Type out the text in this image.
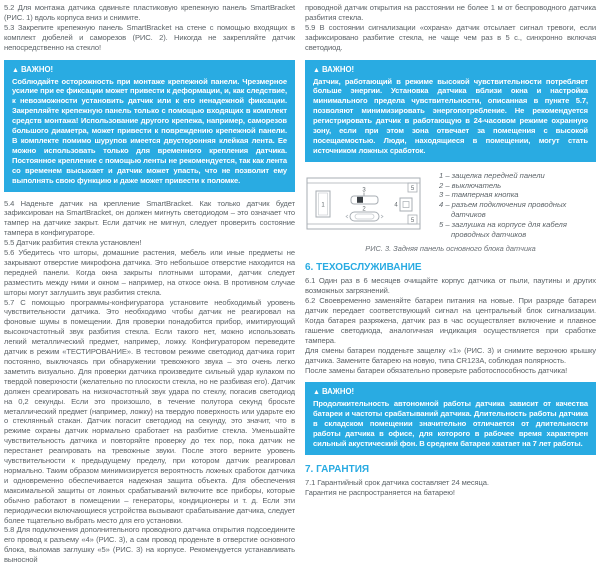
5.2 Для монтажа датчика сдвиньте пластиковую крепежную панель SmartBracket (РИС. 1) вдоль корпуса вниз и снимите.

5.3 Закрепите крепежную панель SmartBracket на стене с помощью входящих в комплект дюбелей и саморезов (РИС. 2). Никогда не закрепляйте датчик непосредственно на стекло!

▲ ВАЖНО!
Соблюдайте осторожность при монтаже крепежной панели. Чрезмерное усилие при ее фиксации может привести к деформации, и, как следствие, к невозможности установить датчик или к его ненадежной фиксации. Закрепляйте крепежную панель только с помощью входящих в комплект средств монтажа! Использование другого крепежа, например, саморезов большого диаметра, может привести к повреждению крепежной панели. В комплекте помимо шурупов имеется двусторонняя клейкая лента. Ее можно использовать только для временного крепления датчика. Постоянное крепление с помощью ленты не рекомендуется, так как лента со временем высыхает и датчик может упасть, что не позволит ему выполнять свою функцию и даже может привести к поломке.

5.4 Наденьте датчик на крепление SmartBracket. Как только датчик будет зафиксирован на SmartBracket, он должен мигнуть светодиодом – это означает что тампер на датчике закрыт. Если датчик не мигнул, следует проверить состояние тампера в конфигураторе.

5.5 Датчик разбития стекла установлен!

5.6 Убедитесь что шторы, домашние растения, мебель или иные предметы не закрывают отверстие микрофона датчика. Это небольшое отверстие находится на передней панели. Когда окна закрыты плотными шторами, датчик следует разместить между ними и окном – например, на откосе окна. В противном случае шторы могут заглушить звук разбития стекла.

5.7 С помощью программы-конфигуратора установите необходимый уровень чувствительности датчика. Это необходимо чтобы датчик не реагировал на фоновые шумы в помещении. Для проверки понадобится прибор, имитирующий высокочастотный звук разбития стекла. Если такого нет, можно использовать легкий металлический предмет, например, ложку. Конфигуратором переведите датчик в режим «ТЕСТИРОВАНИЕ». В тестовом режиме светодиод датчика горит постоянно, выключаясь при обнаружении тревожного звука – это очень легко заметить визуально. Для проверки датчика произведите сильный удар кулаком по твердой поверхности (желательно по плоскости стекла, но не разбивая его). Датчик должен среагировать на низкочастотный звук удара по стеклу, погасив светодиод на 0,2 секунды. Если это произошло, в течение полутора секунд бросьте металлический предмет (например, ложку) на твердую поверхность или ударьте ею о стеклянный стакан. Датчик погасит светодиод на секунду, это значит, что в режиме охраны датчик нормально сработает на разбитие стекла. Уменьшайте чувствительность датчика и повторяйте проверку до тех пор, пока датчик не перестанет реагировать на тревожные звуки. После этого верните уровень чувствительности к предыдущему пределу, при котором датчик реагировал нормально. Таким образом минимизируется вероятность ложных сработок датчика и одновременно обеспечивается надежная защита объекта. Для обеспечения максимальной защиты от ложных срабатываний включите все приборы, которые обычно работают в помещении – генераторы, кондиционеры и т. д. Если эти периодически включающиеся устройства вызывают срабатывание датчика, следует более тщательно выбрать место для его установки.

5.8 Для подключения дополнительного проводного датчика открытия подсоедините его провод к разъему «4» (РИС. 3), а сам провод проденьте в отверстие основного блока, выломав заглушку «5» (РИС. 3) на корпусе. Рекомендуется устанавливать выносной

проводной датчик открытия на расстоянии не более 1 м от беспроводного датчика разбития стекла.

5.9 В состоянии сигнализации «охрана» датчик отсылает сигнал тревоги, если зафиксировано разбитие стекла, не чаще чем раз в 5 с., синхронно включая светодиод.

▲ ВАЖНО!
Датчик, работающий в режиме высокой чувствительности потребляет больше энергии. Установка датчика вблизи окна и настройка минимального предела чувствительности, описанная в пункте 5.7, позволяют минимизировать энергопотребление. Не рекомендуется регистрировать датчик в работающую в 24-часовом режиме охранную зону, если при этом зона отвечает за помещения с высокой посещаемостью. Люди, находящиеся в помещении, могут стать источником ложных сработок.
1
3
2
4
5
5
1 – защелка передней панели
2 – выключатель
3 – тамперная кнопка
4 – разъем подключения проводных датчиков
5 – заглушка на корпусе для кабеля проводных датчиков
РИС. 3. Задняя панель основного блока датчика
6. ТЕХОБСЛУЖИВАНИЕ

6.1 Один раз в 6 месяцев очищайте корпус датчика от пыли, паутины и других возможных загрязнений.

6.2 Своевременно заменяйте батареи питания на новые. При разряде батареи датчик передает соответствующий сигнал на центральный блок сигнализации. Когда батарея разряжена, датчик раз в час осуществляет включение и плавное гашение светодиода, аналогичная индикация осуществляется при сработке тампера.

Для смены батареи подденьте защелку «1» (РИС. 3) и снимите верхнюю крышку датчика. Замените батарею на новую, типа CR123A, соблюдая полярность.

После замены батареи обязательно проверьте работоспособность датчика!

▲ ВАЖНО!
Продолжительность автономной работы датчика зависит от качества батареи и частоты срабатываний датчика. Длительность работы датчика в складском помещении значительно отличается от длительности работы датчика в офисе, для которого в рабочее время характерен сильный акустический фон. В среднем батареи хватает на 7 лет работы.
7. ГАРАНТИЯ

7.1 Гарантийный срок датчика составляет 24 месяца.

Гарантия не распространяется на батарею!
